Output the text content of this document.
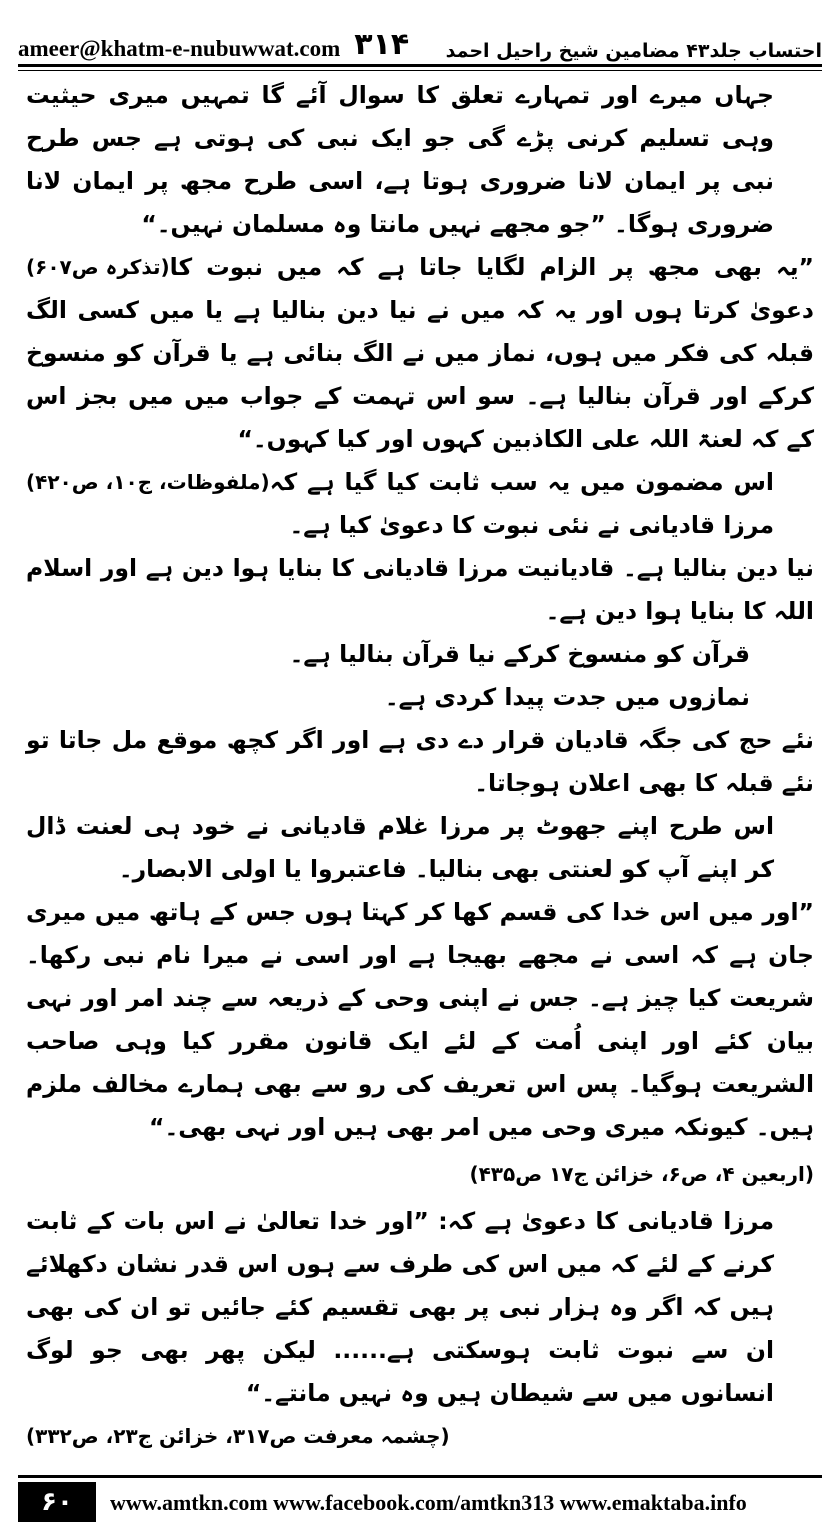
ameer@khatm-e-nubuwwat.com ۳۱۴ احتساب جلد۴۳ مضامین شیخ راحیل احمد
جہاں میرے اور تمہارے تعلق کا سوال آئے گا تمہیں میری حیثیت وہی تسلیم کرنی پڑے گی جو ایک نبی کی ہوتی ہے جس طرح نبی پر ایمان لانا ضروری ہوتا ہے، اسی طرح مجھ پر ایمان لانا ضروری ہوگا۔ ”جو مجھے نہیں مانتا وہ مسلمان نہیں۔“
(تذکرہ ص۶۰۷) ”یہ بھی مجھ پر الزام لگایا جاتا ہے کہ میں نبوت کا دعویٰ کرتا ہوں اور یہ کہ میں نے نیا دین بنالیا ہے یا میں کسی الگ قبلہ کی فکر میں ہوں، نماز میں نے الگ بنائی ہے یا قرآن کو منسوخ کرکے اور قرآن بنالیا ہے۔ سو اس تہمت کے جواب میں میں بجز اس کے کہ لعنۃ اللہ علی الکاذبین کہوں اور کیا کہوں۔“
(ملفوظات، ج۱۰، ص۴۲۰) اس مضمون میں یہ سب ثابت کیا گیا ہے کہ مرزا قادیانی نے نئی نبوت کا دعویٰ کیا ہے۔
نیا دین بنالیا ہے۔ قادیانیت مرزا قادیانی کا بنایا ہوا دین ہے اور اسلام اللہ کا بنایا ہوا دین ہے۔
قرآن کو منسوخ کرکے نیا قرآن بنالیا ہے۔
نمازوں میں جدت پیدا کردی ہے۔
نئے حج کی جگہ قادیان قرار دے دی ہے اور اگر کچھ موقع مل جاتا تو نئے قبلہ کا بھی اعلان ہوجاتا۔
اس طرح اپنے جھوٹ پر مرزا غلام قادیانی نے خود ہی لعنت ڈال کر اپنے آپ کو لعنتی بھی بنالیا۔ فاعتبروا یا اولی الابصار۔
”اور میں اس خدا کی قسم کھا کر کہتا ہوں جس کے ہاتھ میں میری جان ہے کہ اسی نے مجھے بھیجا ہے اور اسی نے میرا نام نبی رکھا۔ شریعت کیا چیز ہے۔ جس نے اپنی وحی کے ذریعہ سے چند امر اور نہی بیان کئے اور اپنی اُمت کے لئے ایک قانون مقرر کیا وہی صاحب الشریعت ہوگیا۔ پس اس تعریف کی رو سے بھی ہمارے مخالف ملزم ہیں۔ کیونکہ میری وحی میں امر بھی ہیں اور نہی بھی۔“
(اربعین ۴، ص۶، خزائن ج۱۷ ص۴۳۵)
مرزا قادیانی کا دعویٰ ہے کہ: ”اور خدا تعالیٰ نے اس بات کے ثابت کرنے کے لئے کہ میں اس کی طرف سے ہوں اس قدر نشان دکھلائے ہیں کہ اگر وہ ہزار نبی پر بھی تقسیم کئے جائیں تو ان کی بھی ان سے نبوت ثابت ہوسکتی ہے...... لیکن پھر بھی جو لوگ انسانوں میں سے شیطان ہیں وہ نہیں مانتے۔“
(چشمہ معرفت ص۳۱۷، خزائن ج۲۳، ص۳۳۲)
۶۰	www.amtkn.com www.facebook.com/amtkn313 www.emaktaba.info
